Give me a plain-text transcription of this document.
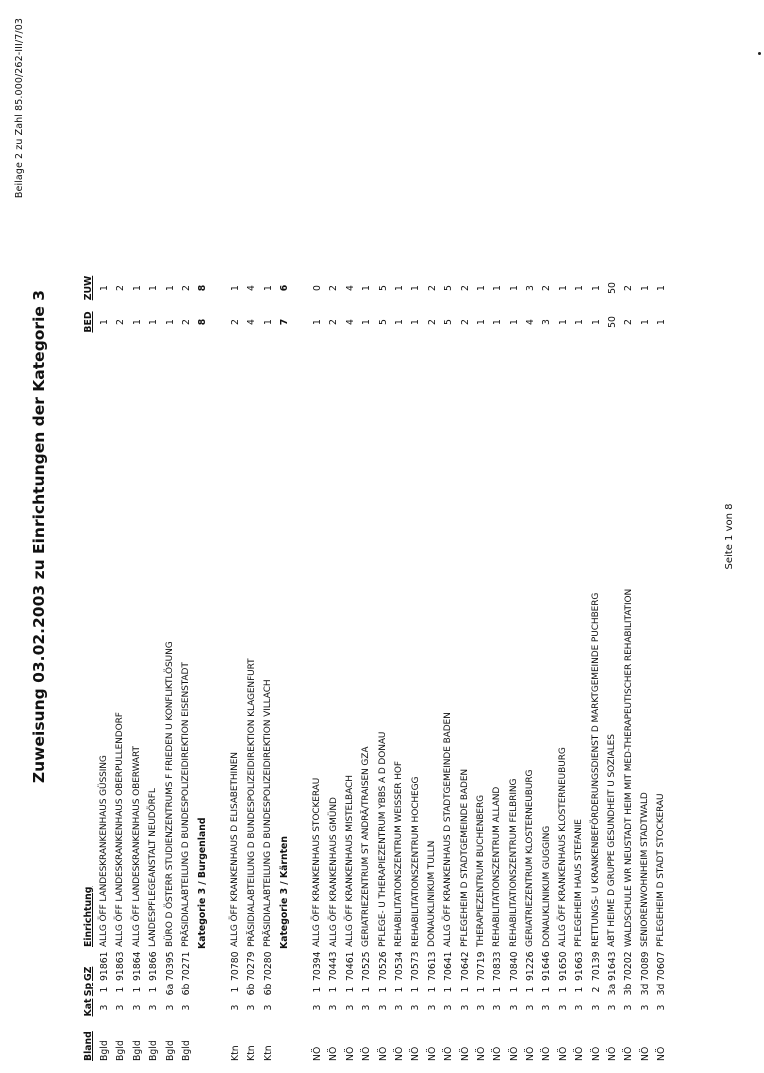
Beilage 2 zu Zahl 85.000/262-III/7/03
Zuweisung 03.02.2003 zu Einrichtungen der Kategorie 3
Bland	Kat	Sp	GZ	Einrichtung	BED	ZUW
Bgld	3	1	91861	ALLG ÖFF LANDESKRANKENHAUS GÜSSING	1	1
Bgld	3	1	91863	ALLG ÖFF LANDESKRANKENHAUS OBERPULLENDORF	2	2
Bgld	3	1	91864	ALLG ÖFF LANDESKRANKENHAUS OBERWART	1	1
Bgld	3	1	91866	LANDESPFLEGEANSTALT NEUDÖRFL	1	1
Bgld	3	6a	70395	BÜRO D ÖSTERR STUDIENZENTRUMS F FRIEDEN U KONFLIKTLÖSUNG	1	1
Bgld	3	6b	70271	PRÄSIDIALABTEILUNG D BUNDESPOLIZEIDIREKTION EISENSTADT	2	2
Kategorie 3 / Burgenland					8	8

Ktn	3	1	70780	ALLG ÖFF KRANKENHAUS D ELISABETHINEN	2	1
Ktn	3	6b	70279	PRÄSIDIALABTEILUNG D BUNDESPOLIZEIDIREKTION KLAGENFURT	4	4
Ktn	3	6b	70280	PRÄSIDIALABTEILUNG D BUNDESPOLIZEIDIREKTION VILLACH	1	1
Kategorie 3 / Kärnten					7	6

NÖ	3	1	70394	ALLG ÖFF KRANKENHAUS STOCKERAU	1	0
NÖ	3	1	70443	ALLG ÖFF KRANKENHAUS GMÜND	2	2
NÖ	3	1	70461	ALLG ÖFF KRANKENHAUS MISTELBACH	4	4
NÖ	3	1	70525	GERIATRIEZENTRUM ST ANDRÄ/TRAISEN GZA	1	1
NÖ	3	1	70526	PFLEGE- U THERAPIEZENTRUM YBBS A D DONAU	5	5
NÖ	3	1	70534	REHABILITATIONSZENTRUM WEISSER HOF	1	1
NÖ	3	1	70573	REHABILITATIONSZENTRUM HOCHEGG	1	1
NÖ	3	1	70613	DONAUKLINIKUM TULLN	2	2
NÖ	3	1	70641	ALLG ÖFF KRANKENHAUS D STADTGEMEINDE BADEN	5	5
NÖ	3	1	70642	PFLEGEHEIM D STADTGEMEINDE BADEN	2	2
NÖ	3	1	70719	THERAPIEZENTRUM BUCHENBERG	1	1
NÖ	3	1	70833	REHABILITATIONSZENTRUM ALLAND	1	1
NÖ	3	1	70840	REHABILITATIONSZENTRUM FELBRING	1	1
NÖ	3	1	91226	GERIATRIEZENTRUM KLOSTERNEUBURG	4	3
NÖ	3	1	91646	DONAUKLINIKUM GUGGING	3	2
NÖ	3	1	91650	ALLG ÖFF KRANKENHAUS KLOSTERNEUBURG	1	1
NÖ	3	1	91663	PFLEGEHEIM HAUS STEFANIE	1	1
NÖ	3	2	70139	RETTUNGS- U KRANKENBEFÖRDERUNGSDIENST D MARKTGEMEINDE PUCHBERG	1	1
NÖ	3	3a	91643	ABT HEIME D GRUPPE GESUNDHEIT U SOZIALES	50	50
NÖ	3	3b	70202	WALDSCHULE WR NEUSTADT HEIM MIT MED-THERAPEUTISCHER REHABILITATION	2	2
NÖ	3	3d	70089	SENIORENWOHNHEIM STADTWALD	1	1
NÖ	3	3d	70607	PFLEGEHEIM D STADT STOCKERAU	1	1
Seite 1 von 8
